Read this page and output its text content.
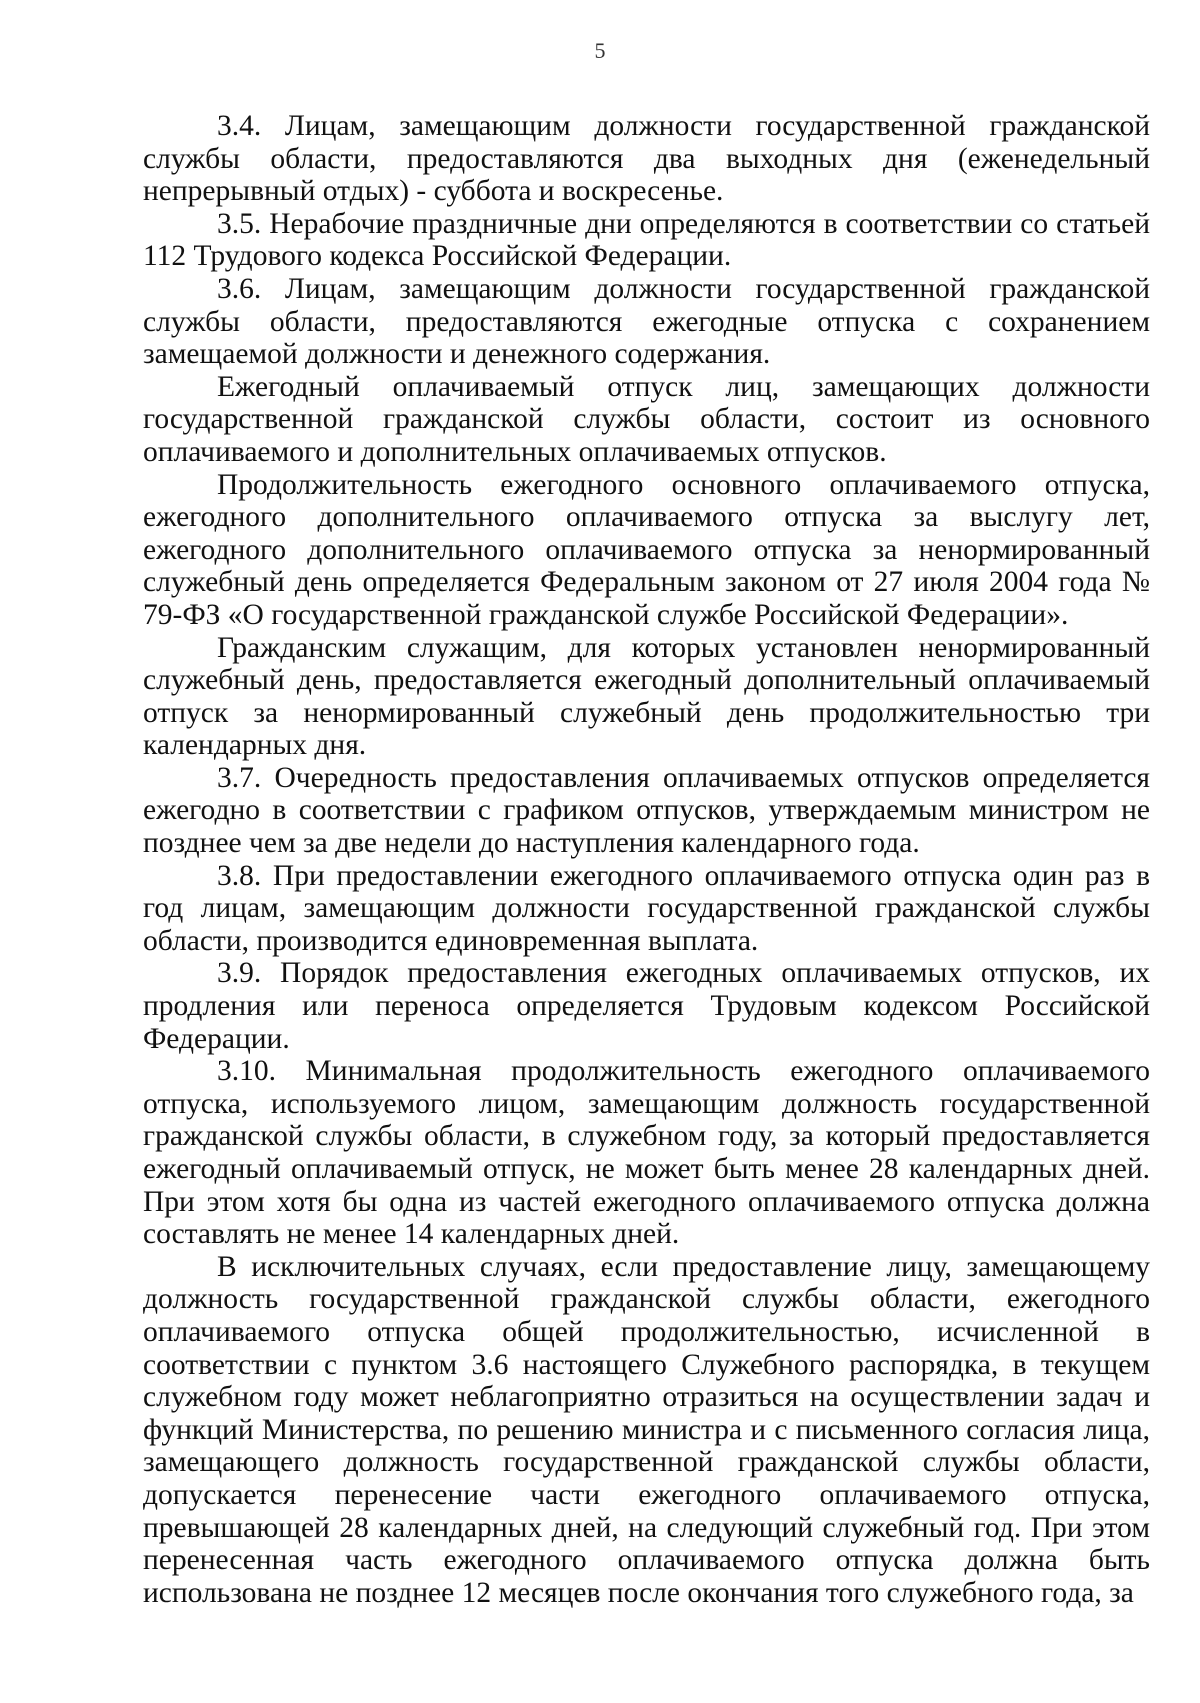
5

3.4. Лицам, замещающим должности государственной гражданской службы области, предоставляются два выходных дня (еженедельный непрерывный отдых) - суббота и воскресенье.

3.5. Нерабочие праздничные дни определяются в соответствии со статьей 112 Трудового кодекса Российской Федерации.

3.6. Лицам, замещающим должности государственной гражданской службы области, предоставляются ежегодные отпуска с сохранением замещаемой должности и денежного содержания.

Ежегодный оплачиваемый отпуск лиц, замещающих должности государственной гражданской службы области, состоит из основного оплачиваемого и дополнительных оплачиваемых отпусков.

Продолжительность ежегодного основного оплачиваемого отпуска, ежегодного дополнительного оплачиваемого отпуска за выслугу лет, ежегодного дополнительного оплачиваемого отпуска за ненормированный служебный день определяется Федеральным законом от 27 июля 2004 года № 79-ФЗ «О государственной гражданской службе Российской Федерации».

Гражданским служащим, для которых установлен ненормированный служебный день, предоставляется ежегодный дополнительный оплачиваемый отпуск за ненормированный служебный день продолжительностью три календарных дня.

3.7. Очередность предоставления оплачиваемых отпусков определяется ежегодно в соответствии с графиком отпусков, утверждаемым министром не позднее чем за две недели до наступления календарного года.

3.8. При предоставлении ежегодного оплачиваемого отпуска один раз в год лицам, замещающим должности государственной гражданской службы области, производится единовременная выплата.

3.9. Порядок предоставления ежегодных оплачиваемых отпусков, их продления или переноса определяется Трудовым кодексом Российской Федерации.

3.10. Минимальная продолжительность ежегодного оплачиваемого отпуска, используемого лицом, замещающим должность государственной гражданской службы области, в служебном году, за который предоставляется ежегодный оплачиваемый отпуск, не может быть менее 28 календарных дней. При этом хотя бы одна из частей ежегодного оплачиваемого отпуска должна составлять не менее 14 календарных дней.

В исключительных случаях, если предоставление лицу, замещающему должность государственной гражданской службы области, ежегодного оплачиваемого отпуска общей продолжительностью, исчисленной в соответствии с пунктом 3.6 настоящего Служебного распорядка, в текущем служебном году может неблагоприятно отразиться на осуществлении задач и функций Министерства, по решению министра и с письменного согласия лица, замещающего должность государственной гражданской службы области, допускается перенесение части ежегодного оплачиваемого отпуска, превышающей 28 календарных дней, на следующий служебный год. При этом перенесенная часть ежегодного оплачиваемого отпуска должна быть использована не позднее 12 месяцев после окончания того служебного года, за
